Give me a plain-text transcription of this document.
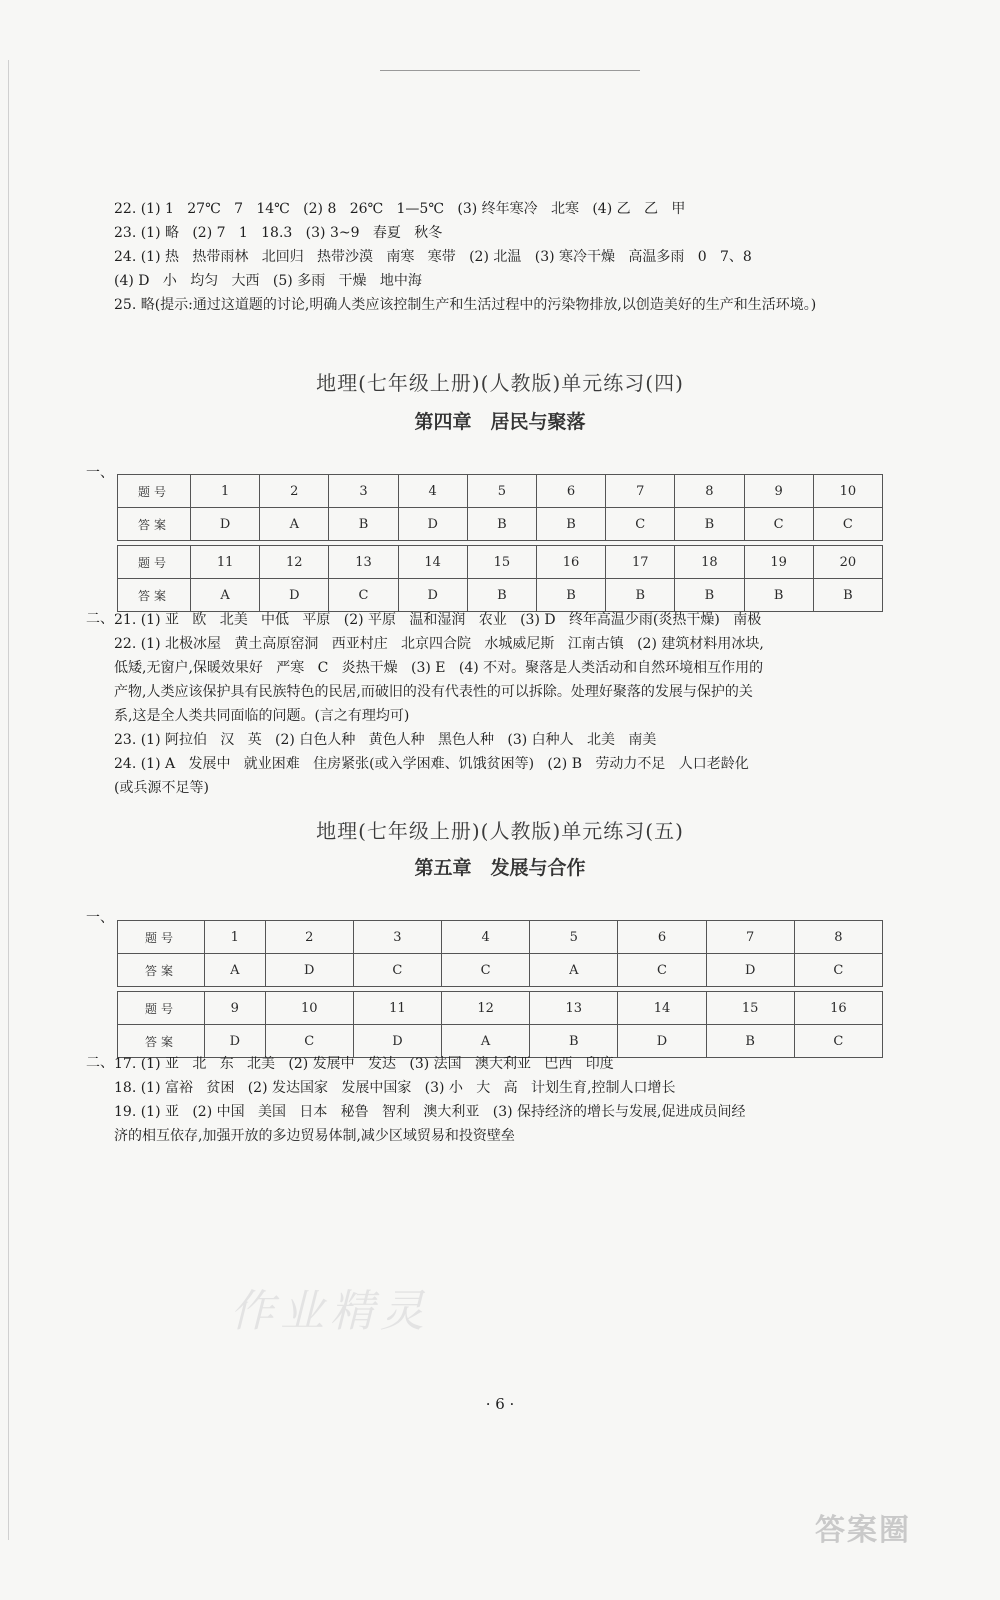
22. (1) 1   27℃   7   14℃   (2) 8   26℃   1—5℃   (3) 终年寒冷   北寒   (4) 乙   乙   甲
23. (1) 略   (2) 7   1   18.3   (3) 3~9   春夏   秋冬
24. (1) 热   热带雨林   北回归   热带沙漠   南寒   寒带   (2) 北温   (3) 寒冷干燥   高温多雨   0   7、8
(4) D   小   均匀   大西   (5) 多雨   干燥   地中海
25. 略(提示:通过这道题的讨论,明确人类应该控制生产和生活过程中的污染物排放,以创造美好的生产和生活环境。)
地理(七年级上册)(人教版)单元练习(四)
第四章　居民与聚落
一、
题号	1	2	3	4	5	6	7	8	9	10
答案	D	A	B	D	B	B	C	B	C	C

题号	11	12	13	14	15	16	17	18	19	20
答案	A	D	C	D	B	B	B	B	B	B
二、 21. (1) 亚   欧   北美   中低   平原   (2) 平原   温和湿润   农业   (3) D   终年高温少雨(炎热干燥)   南极
22. (1) 北极冰屋   黄土高原窑洞   西亚村庄   北京四合院   水城威尼斯   江南古镇   (2) 建筑材料用冰块,
低矮,无窗户,保暖效果好   严寒   C   炎热干燥   (3) E   (4) 不对。聚落是人类活动和自然环境相互作用的
产物,人类应该保护具有民族特色的民居,而破旧的没有代表性的可以拆除。处理好聚落的发展与保护的关
系,这是全人类共同面临的问题。(言之有理均可)
23. (1) 阿拉伯   汉   英   (2) 白色人种   黄色人种   黑色人种   (3) 白种人   北美   南美
24. (1) A   发展中   就业困难   住房紧张(或入学困难、饥饿贫困等)   (2) B   劳动力不足   人口老龄化
(或兵源不足等)
地理(七年级上册)(人教版)单元练习(五)
第五章　发展与合作
一、
题号	1	2	3	4	5	6	7	8
答案	A	D	C	C	A	C	D	C

题号	9	10	11	12	13	14	15	16
答案	D	C	D	A	B	D	B	C
二、 17. (1) 亚   北   东   北美   (2) 发展中   发达   (3) 法国   澳大利亚   巴西   印度
18. (1) 富裕   贫困   (2) 发达国家   发展中国家   (3) 小   大   高   计划生育,控制人口增长
19. (1) 亚   (2) 中国   美国   日本   秘鲁   智利   澳大利亚   (3) 保持经济的增长与发展,促进成员间经
济的相互依存,加强开放的多边贸易体制,减少区域贸易和投资壁垒
作业精灵
· 6 ·
答案圈
